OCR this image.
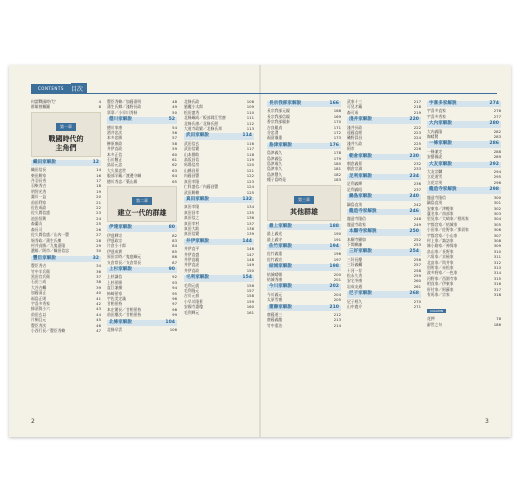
CONTENTS	目次
何謂戰國時代？	4
群雄割據圖	8
第一章
戰國時代的
主角們
織田家解說	12
織田信長	14
柴田勝家	16
丹羽長秀	17
羽柴秀吉	18
明智光秀	19
瀧川一益	20
前田利家	21
佐佐成政	22
佐久間信盛	23
池田恒興	24
森蘭丸	25
森長可	26
佐久間信盛／山內一豐	27
堀秀政／蒲生氏鄉	28
村井貞勝／九鬼嘉隆	29
濃姬／阿市／織田信忠	30
豐臣家解說	32
豐臣秀吉	34
竹中半兵衛	36
黑田官兵衛	37
石田三成	38
大谷吉繼	39
加藤清正	40
福島正則	41
宇喜多秀家	42
蜂須賀小六	43
前田玄以	44
片桐且元	45
豐臣秀次	46
小西行長／豐臣秀賴	47
豐臣秀賴／加藤嘉明	48
蒲生氏鄉／淺野長政	49
寧寧／小早川秀秋	50
德川家解說	52
德川家康	54
酒井忠次	56
本多忠勝	57
榊原康政	58
井伊直政	59
本多正信	60
石川數正	61
鳥居元忠	62
大久保忠世	63
服部半藏／渡邊守綱	64
德川秀忠／築山殿	65
第二章
建立一代的群雄
伊達家解說	80
伊達輝宗	82
伊達政宗	83
片倉小十郎	84
伊達成實	85
原田宗時／鬼庭綱元	86
支倉常長／支倉常長	87
上杉家解說	90
上杉謙信	92
上杉景勝	93
直江兼續	94
柿崎景家	95
宇佐美定滿	96
甘粕景持	97
本庄繁長／甘粕景持	98
前田慶次／甘粕景持	99
北條家解說	104
北條早雲	106
北條氏政	108
風魔小太郎	109
松田憲秀	110
北條綱成／板部岡江雪齋	111
北條氏康／北條氏照	112
大道寺政繁／北條氏邦	113
武田家解說	114
武田信玄	116
武田信繁	117
山本勘助	118
高坂昌信	119
馬場信房	120
山縣昌景	121
內藤昌豐	122
真田幸隆	123
仁科盛信／內藤昌豐	124
武田勝賴	125
真田家解說	132
真田幸隆	134
真田昌幸	135
真田信之	136
真田幸村	137
真田大助	138
真田信繁	139
井伊家解說	144
井伊直平	146
井伊直盛	147
井伊直親	148
井伊直虎	149
井伊直政	150
毛利家解說	154
毛利元就	156
毛利隆元	157
吉川元春	158
小早川隆景	159
安國寺惠瓊	160
毛利輝元	161
長宗我部家解說	166
長宗我部元親	168
長宗我部信親	169
香宗我部親泰	170
吉良親貞	171
谷忠澄	172
福留儀重	173
島津家解說	176
島津義久	178
島津義弘	179
島津歲久	180
島津家久	181
島津豐久	182
種子島時堯	183
第三章
其他群雄
最上家解說	188
最上義光	190
最上義守	191
佐竹家解說	194
佐竹義重	196
佐竹義宣	197
結城家解說	198
結城晴朝	200
結城秀康	201
今川家解說	202
今川義元	204
太原雪齋	205
齋藤家解說	210
齋藤道三	212
齋藤義龍	213
竹中重治	214
武家十三	217
可兒才藏	218
森可成	219
淺井家解說	220
淺井長政	222
遠藤直經	223
磯野員昌	224
淺井久政	225
阿市	226
朝倉家解說	230
朝倉義景	232
朝倉宗滴	233
足利家解說	234
足利義輝	236
足利義昭	237
鍋島家解說	240
鍋島直茂	242
龍造寺家解說	246
龍造寺隆信	248
龍造寺政家	249
本願寺家解說	250
本願寺顯如	252
下間賴廉	253
三好家解說	254
三好長慶	256
三好義繼	257
十河一存	258
松永久秀	259
安宅冬康	260
岩成友通	261
尼子家解說	268
尼子經久	270
山中鹿介	271
宇喜多家解說	274
宇喜多直家	276
宇喜多秀家	277
大內家解說	280
大內義隆	282
陶晴賢	283
一條家解說	286
一條兼定	288
安藝國虎	289
大友家解說	292
大友宗麟	294
立花道雪	295
立花宗茂	296
龍造寺家解說	298
龍造寺隆信	300
鍋島直茂	301
安東家／津輕家	302
蘆名家／南部家	303
里見家／大崎家／相馬家	304
宇都宮家／結城家	305
小田家／佐野家／那須家	306
宇都宮家／小山家	307
村上家／諏訪家	308
姊小路家／神保家	309
畠山家／長野家	310
六角家／京極家	311
北畠家／筒井家	312
別所家／赤松家	313
波多野家／一色家	314
河野家／西園寺家	315
相良家／伊東家	316
肝付家／阿蘇家	317
有馬家／宗家	318
COLUMN
花押	78
辭世之句	186
2	3
